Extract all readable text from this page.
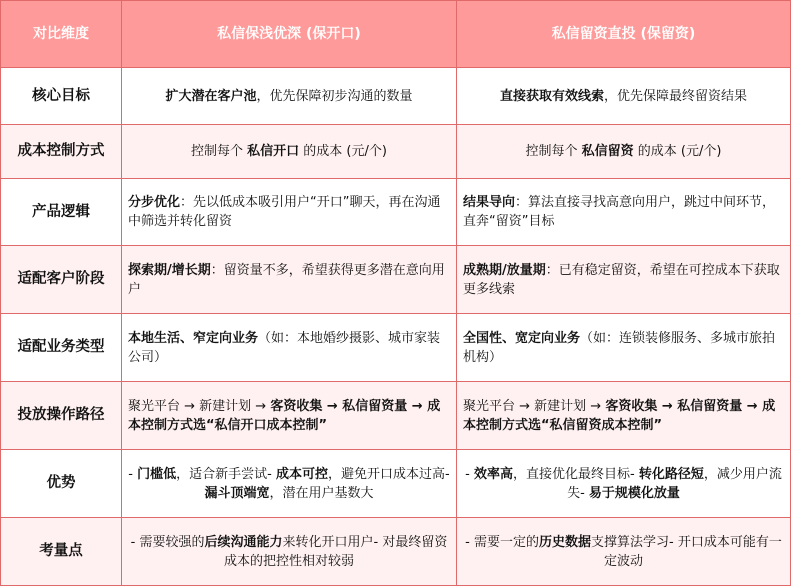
对比维度	私信保浅优深 (保开口)	私信留资直投 (保留资)
核心目标	扩大潜在客户池，优先保障初步沟通的数量	直接获取有效线索，优先保障最终留资结果
成本控制方式	控制每个 私信开口 的成本 (元/个)	控制每个 私信留资 的成本 (元/个)
产品逻辑	分步优化：先以低成本吸引用户“开口”聊天，再在沟通中筛选并转化留资	结果导向：算法直接寻找高意向用户，跳过中间环节，直奔“留资”目标
适配客户阶段	探索期/增长期：留资量不多，希望获得更多潜在意向用户	成熟期/放量期：已有稳定留资，希望在可控成本下获取更多线索
适配业务类型	本地生活、窄定向业务（如：本地婚纱摄影、城市家装公司）	全国性、宽定向业务（如：连锁装修服务、多城市旅拍机构）
投放操作路径	聚光平台 → 新建计划 → 客资收集 → 私信留资量 → 成本控制方式选“私信开口成本控制”	聚光平台 → 新建计划 → 客资收集 → 私信留资量 → 成本控制方式选“私信留资成本控制”
优势	- 门槛低，适合新手尝试- 成本可控，避免开口成本过高- 漏斗顶端宽，潜在用户基数大	- 效率高，直接优化最终目标- 转化路径短，减少用户流失- 易于规模化放量
考量点	- 需要较强的后续沟通能力来转化开口用户- 对最终留资成本的把控性相对较弱	- 需要一定的历史数据支撑算法学习- 开口成本可能有一定波动
